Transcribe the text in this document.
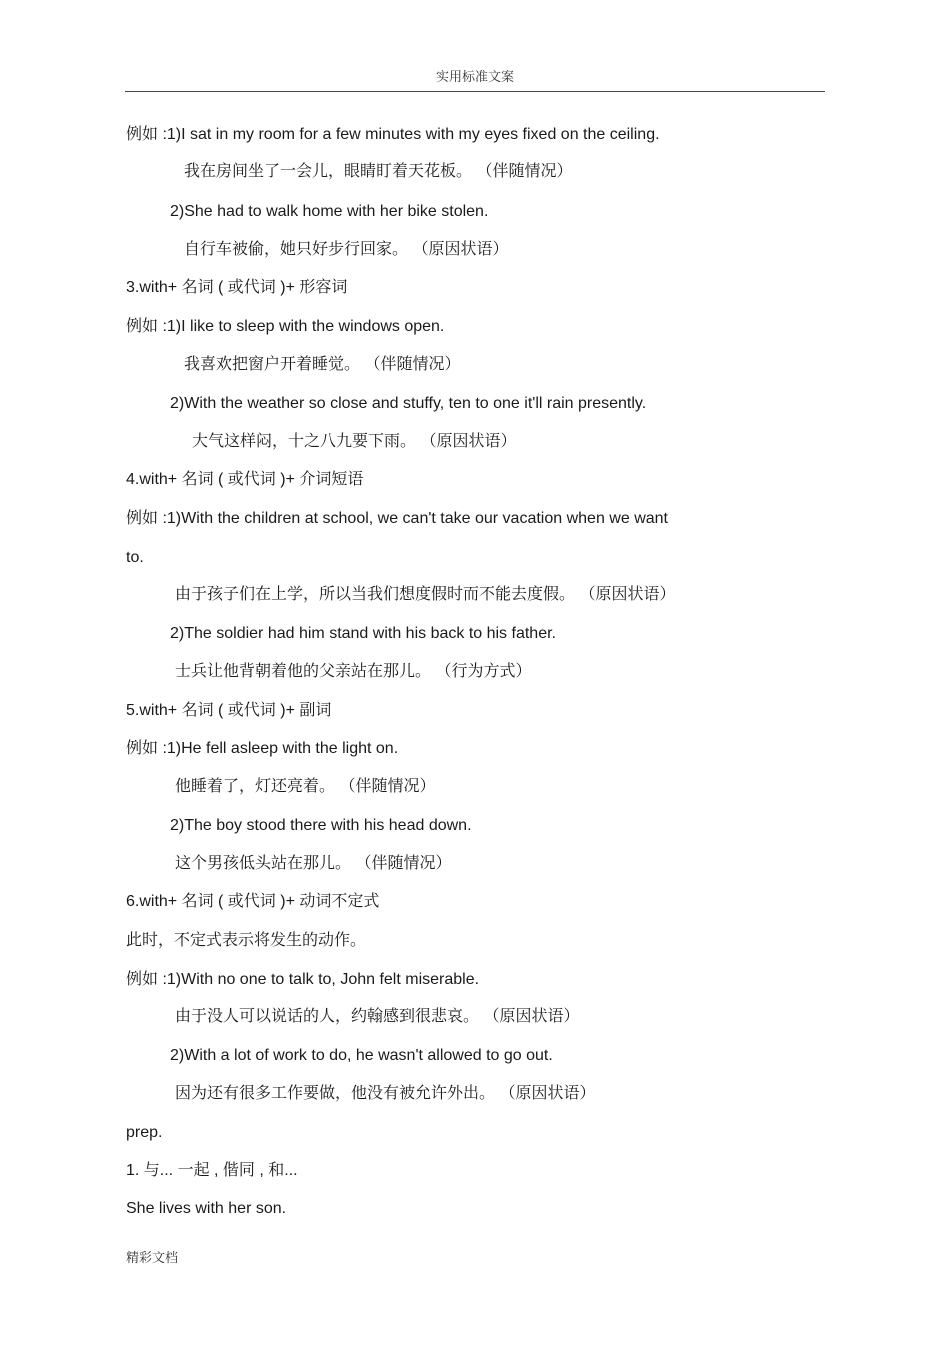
实用标准文案
例如 :1)I sat in my room for a few minutes with my eyes fixed on the ceiling.
我在房间坐了一会儿，眼睛盯着天花板。 （伴随情况）
2)She had to walk home with her bike stolen.
自行车被偷，她只好步行回家。 （原因状语）
3.with+ 名词 ( 或代词 )+ 形容词
例如 :1)I like to sleep with the windows open.
我喜欢把窗户开着睡觉。 （伴随情况）
2)With the weather so close and stuffy, ten to one it'll rain presently.
大气这样闷，十之八九要下雨。 （原因状语）
4.with+ 名词 ( 或代词 )+ 介词短语
例如 :1)With the children at school, we can't take our vacation when we want
to.
由于孩子们在上学，所以当我们想度假时而不能去度假。 （原因状语）
2)The soldier had him stand with his back to his father.
士兵让他背朝着他的父亲站在那儿。 （行为方式）
5.with+ 名词 ( 或代词 )+ 副词
例如 :1)He fell asleep with the light on.
他睡着了，灯还亮着。 （伴随情况）
2)The boy stood there with his head down.
这个男孩低头站在那儿。 （伴随情况）
6.with+ 名词 ( 或代词 )+ 动词不定式
此时，不定式表示将发生的动作。
例如 :1)With no one to talk to, John felt miserable.
由于没人可以说话的人，约翰感到很悲哀。 （原因状语）
2)With a lot of work to do, he wasn't allowed to go out.
因为还有很多工作要做，他没有被允许外出。 （原因状语）
prep.
1. 与... 一起 , 偕同 , 和...
She lives with her son.
精彩文档
